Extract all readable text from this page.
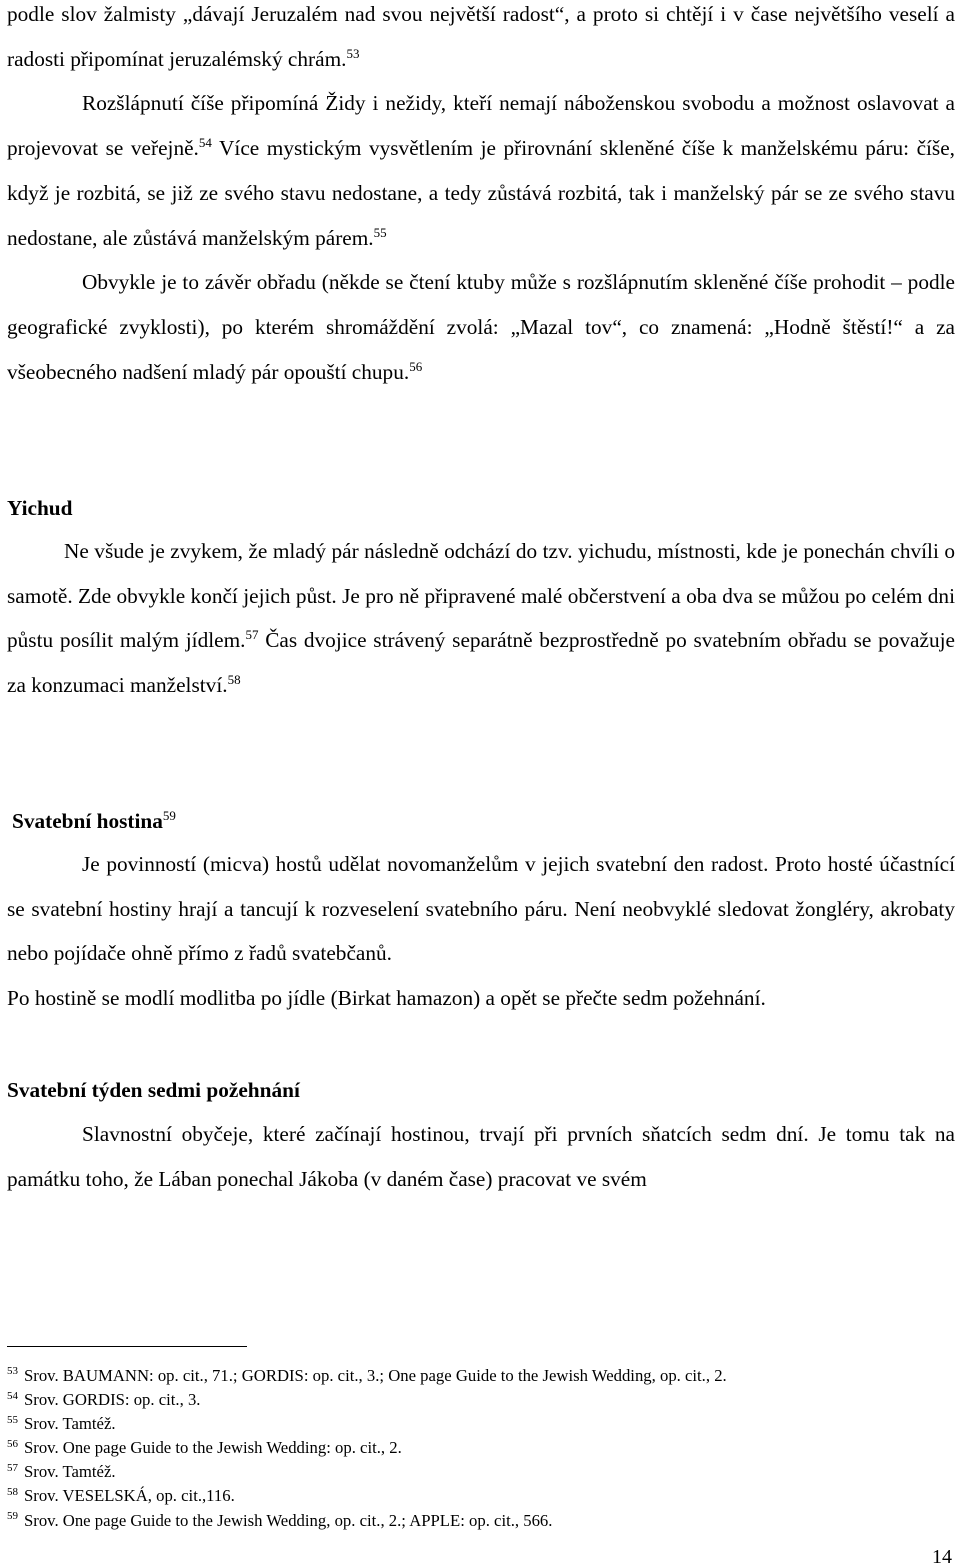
podle slov žalmisty „dávají Jeruzalém nad svou největší radost“, a proto si chtějí i v čase největšího veselí a radosti připomínat jeruzalémský chrám.$^{53}$

Rozšlápnutí číše připomíná Židy i nežidy, kteří nemají náboženskou svobodu a možnost oslavovat a projevovat se veřejně.$^{54}$ Více mystickým vysvětlením je přirovnání skleněné číše k manželskému páru: číše, když je rozbitá, se již ze svého stavu nedostane, a tedy zůstává rozbitá, tak i manželský pár se ze svého stavu nedostane, ale zůstává manželským párem.$^{55}$

Obvykle je to závěr obřadu (někde se čtení ktuby může s rozšlápnutím skleněné číše prohodit – podle geografické zvyklosti), po kterém shromáždění zvolá: „Mazal tov“, co znamená: „Hodně štěstí!“ a za všeobecného nadšení mladý pár opouští chupu.$^{56}$

Yichud

Ne všude je zvykem, že mladý pár následně odchází do tzv. yichudu, místnosti, kde je ponechán chvíli o samotě. Zde obvykle končí jejich půst. Je pro ně připravené malé občerstvení a oba dva se můžou po celém dni půstu posílit malým jídlem.$^{57}$ Čas dvojice strávený separátně bezprostředně po svatebním obřadu se považuje za konzumaci manželství.$^{58}$

Svatební hostina$^{59}$

Je povinností (micva) hostů udělat novomanželům v jejich svatební den radost. Proto hosté účastnící se svatební hostiny hrají a tancují k rozveselení svatebního páru. Není neobvyklé sledovat žongléry, akrobaty nebo pojídače ohně přímo z řadů svatebčanů.

Po hostině se modlí modlitba po jídle (Birkat hamazon) a opět se přečte sedm požehnání.

Svatební týden sedmi požehnání

Slavnostní obyčeje, které začínají hostinou, trvají při prvních sňatcích sedm dní. Je tomu tak na památku toho, že Lában ponechal Jákoba (v daném čase) pracovat ve svém

$^{53}$ Srov. BAUMANN: op. cit., 71.; GORDIS: op. cit., 3.; One page Guide to the Jewish Wedding, op. cit., 2.

$^{54}$ Srov. GORDIS: op. cit., 3.

$^{55}$ Srov. Tamtéž.

$^{56}$ Srov. One page Guide to the Jewish Wedding: op. cit., 2.

$^{57}$ Srov. Tamtéž.

$^{58}$ Srov. VESELSKÁ, op. cit.,116.

$^{59}$ Srov. One page Guide to the Jewish Wedding, op. cit., 2.; APPLE: op. cit., 566.

14
